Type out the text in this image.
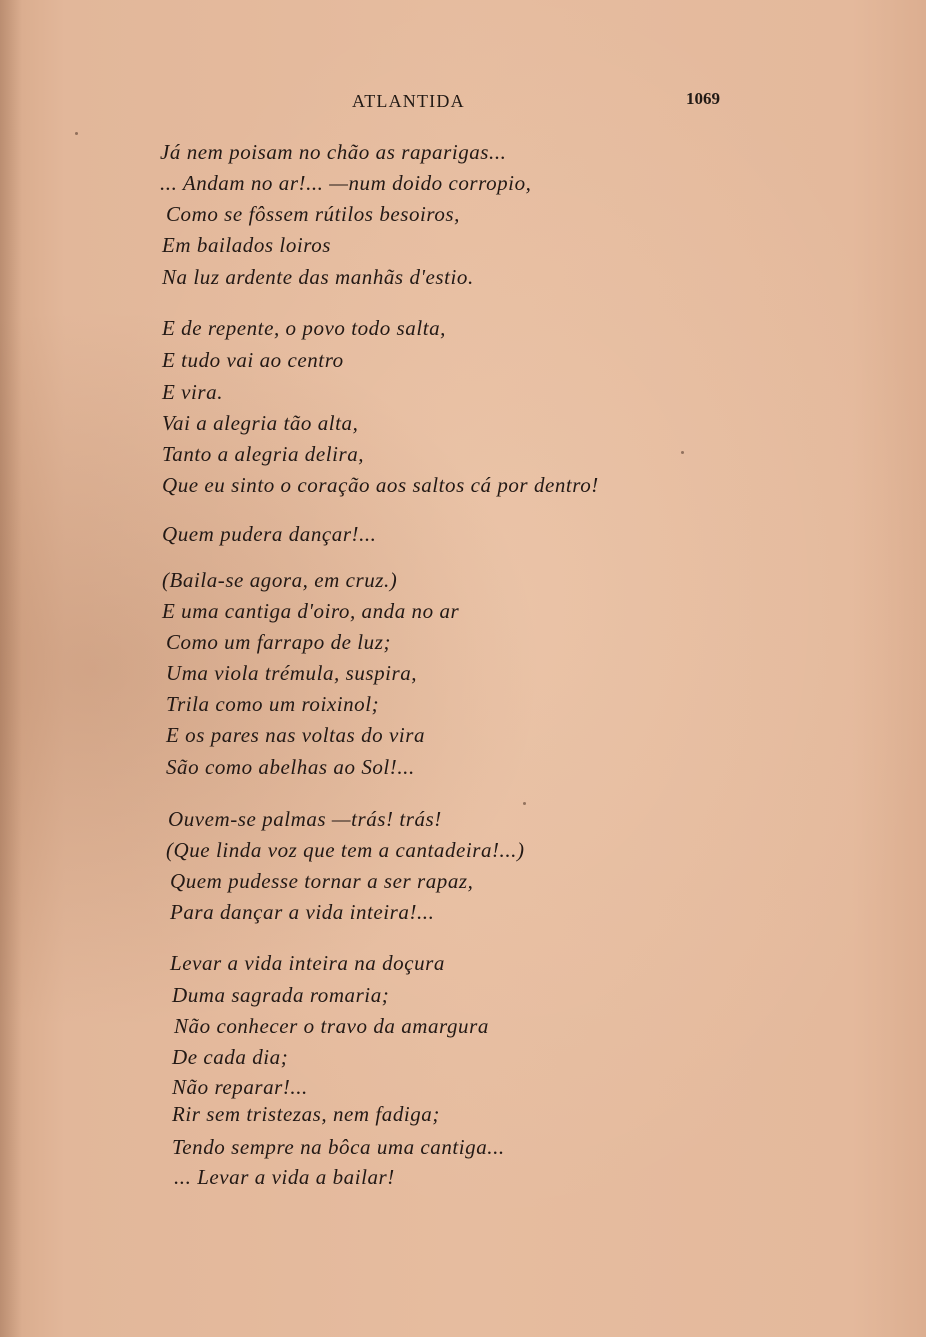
ATLANTIDA	1069
Já nem poisam no chão as raparigas...
... Andam no ar!... —num doido corropio,
Como se fôssem rútilos besoiros,
Em bailados loiros
Na luz ardente das manhãs d'estio.
E de repente, o povo todo salta,
E tudo vai ao centro
E vira.
Vai a alegria tão alta,
Tanto a alegria delira,
Que eu sinto o coração aos saltos cá por dentro!
Quem pudera dançar!...
(Baila-se agora, em cruz.)
E uma cantiga d'oiro, anda no ar
Como um farrapo de luz;
Uma viola trémula, suspira,
Trila como um roixinol;
E os pares nas voltas do vira
São como abelhas ao Sol!...
Ouvem-se palmas —trás! trás!
(Que linda voz que tem a cantadeira!...)
Quem pudesse tornar a ser rapaz,
Para dançar a vida inteira!...
Levar a vida inteira na doçura
Duma sagrada romaria;
Não conhecer o travo da amargura
De cada dia;
Não reparar!...
Rir sem tristezas, nem fadiga;
Tendo sempre na bôca uma cantiga...
... Levar a vida a bailar!
